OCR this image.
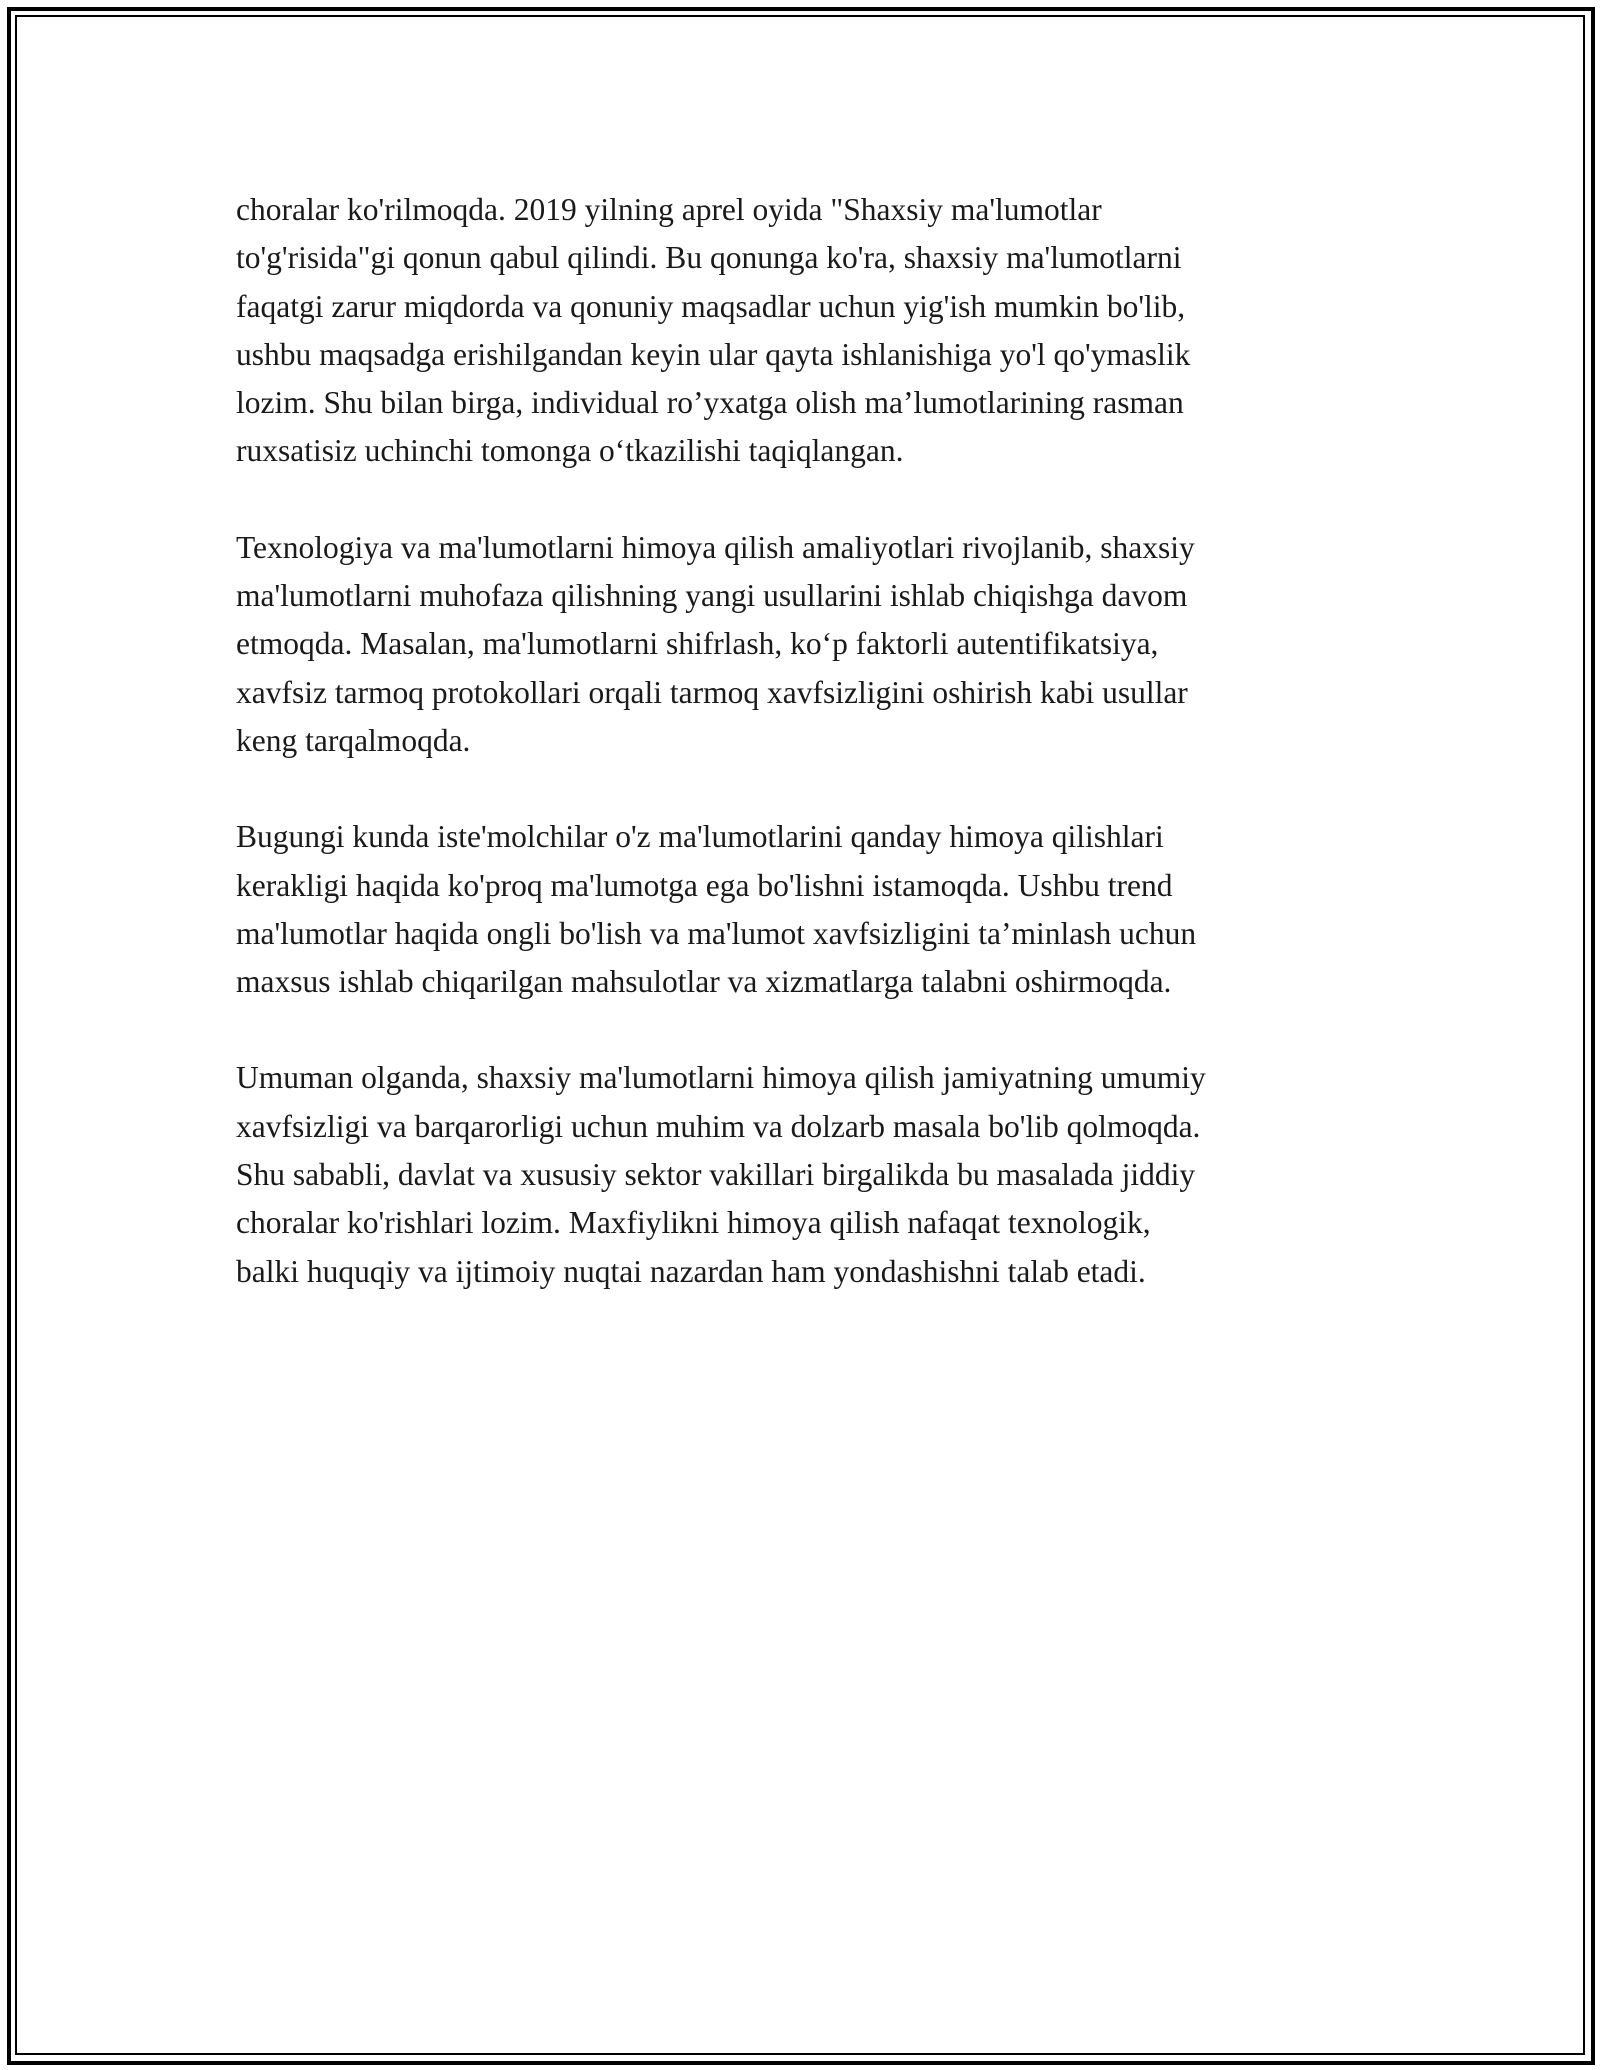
choralar ko'rilmoqda. 2019 yilning aprel oyida "Shaxsiy ma'lumotlar
to'g'risida"gi qonun qabul qilindi. Bu qonunga ko'ra, shaxsiy ma'lumotlarni
faqatgi zarur miqdorda va qonuniy maqsadlar uchun yig'ish mumkin bo'lib,
ushbu maqsadga erishilgandan keyin ular qayta ishlanishiga yo'l qo'ymaslik
lozim. Shu bilan birga, individual ro’yxatga olish ma’lumotlarining rasman
ruxsatisiz uchinchi tomonga o‘tkazilishi taqiqlangan.

Texnologiya va ma'lumotlarni himoya qilish amaliyotlari rivojlanib, shaxsiy
ma'lumotlarni muhofaza qilishning yangi usullarini ishlab chiqishga davom
etmoqda. Masalan, ma'lumotlarni shifrlash, ko‘p faktorli autentifikatsiya,
xavfsiz tarmoq protokollari orqali tarmoq xavfsizligini oshirish kabi usullar
keng tarqalmoqda.

Bugungi kunda iste'molchilar o'z ma'lumotlarini qanday himoya qilishlari
kerakligi haqida ko'proq ma'lumotga ega bo'lishni istamoqda. Ushbu trend
ma'lumotlar haqida ongli bo'lish va ma'lumot xavfsizligini ta’minlash uchun
maxsus ishlab chiqarilgan mahsulotlar va xizmatlarga talabni oshirmoqda.

Umuman olganda, shaxsiy ma'lumotlarni himoya qilish jamiyatning umumiy
xavfsizligi va barqarorligi uchun muhim va dolzarb masala bo'lib qolmoqda.
Shu sababli, davlat va xususiy sektor vakillari birgalikda bu masalada jiddiy
choralar ko'rishlari lozim. Maxfiylikni himoya qilish nafaqat texnologik,
balki huquqiy va ijtimoiy nuqtai nazardan ham yondashishni talab etadi.
